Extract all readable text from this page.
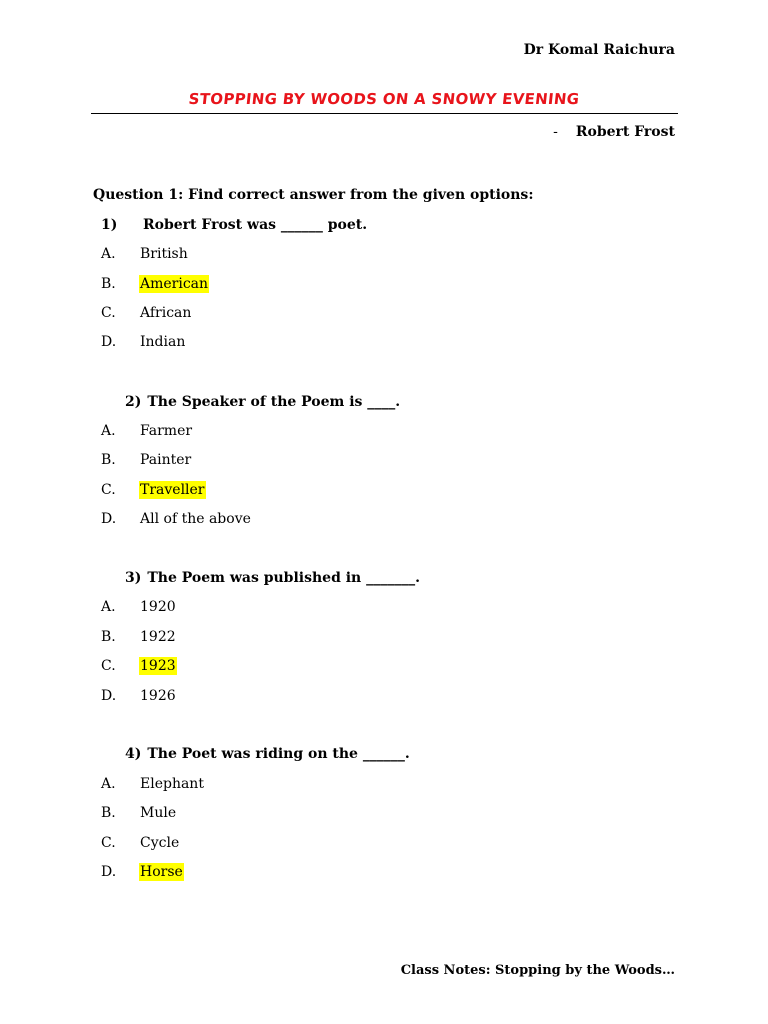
Dr Komal Raichura
STOPPING BY WOODS ON A SNOWY EVENING
- Robert Frost
Question 1: Find correct answer from the given options:
1) Robert Frost was ______ poet.
A. British
B. American
C. African
D. Indian
2) The Speaker of the Poem is ____.
A. Farmer
B. Painter
C. Traveller
D. All of the above
3) The Poem was published in _______.
A. 1920
B. 1922
C. 1923
D. 1926
4) The Poet was riding on the ______.
A. Elephant
B. Mule
C. Cycle
D. Horse
Class Notes: Stopping by the Woods…
